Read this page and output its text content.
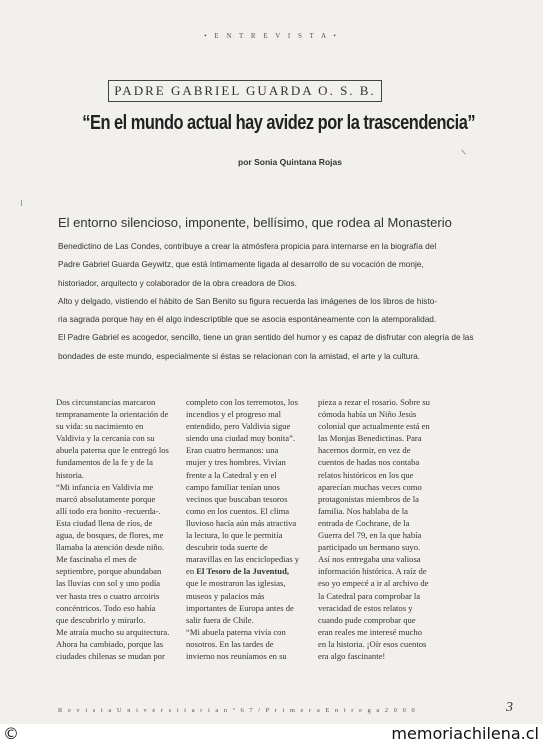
• E N T R E V I S T A •
PADRE GABRIEL GUARDA O. S. B.
“En el mundo actual hay avidez por la trascendencia”
por Sonia Quintana Rojas
El entorno silencioso, imponente, bellísimo, que rodea al Monasterio
Benedictino de Las Condes, contribuye a crear la atmósfera propicia para internarse en la biografía del
Padre Gabriel Guarda Geywitz, que está íntimamente ligada al desarrollo de su vocación de monje,
historiador, arquitecto y colaborador de la obra creadora de Dios.
Alto y delgado, vistiendo el hábito de San Benito su figura recuerda las imágenes de los libros de histo-
ria sagrada porque hay en él algo indescriptible que se asocia espontáneamente con la atemporalidad.
El Padre Gabriel es acogedor, sencillo, tiene un gran sentido del humor y es capaz de disfrutar con alegría de las
bondades de este mundo, especialmente si éstas se relacionan con la amistad, el arte y la cultura.

Dos circunstancias marcaron

tempranamente la orientación de

su vida: su nacimiento en

Valdivia y la cercanía con su

abuela paterna que le entregó los

fundamentos de la fe y de la

historia.

“Mi infancia en Valdivia me

marcó absolutamente porque

allí todo era bonito -recuerda-.

Esta ciudad llena de ríos, de

agua, de bosques, de flores, me

llamaba la atención desde niño.

Me fascinaba el mes de

septiembre, porque abundaban

las lluvias con sol y uno podía

ver hasta tres o cuatro arcoiris

concéntricos. Todo eso había

que descubrirlo y mirarlo.

Me atraía mucho su arquitectura.

Ahora ha cambiado, porque las

ciudades chilenas se mudan por

completo con los terremotos, los

incendios y el progreso mal

entendido, pero Valdivia sigue

siendo una ciudad muy bonita”.

Eran cuatro hermanos: una

mujer y tres hombres. Vivían

frente a la Catedral y en el

campo familiar tenían unos

vecinos que buscaban tesoros

como en los cuentos. El clima

lluvioso hacía aún más atractiva

la lectura, lo que le permitía

descubrir toda suerte de

maravillas en las enciclopedias y

en El Tesoro de la Juventud,

que le mostraron las iglesias,

museos y palacios más

importantes de Europa antes de

salir fuera de Chile.

“Mi abuela paterna vivía con

nosotros. En las tardes de

invierno nos reuníamos en su

pieza a rezar el rosario. Sobre su

cómoda había un Niño Jesús

colonial que actualmente está en

las Monjas Benedictinas. Para

hacernos dormir, en vez de

cuentos de hadas nos contaba

relatos históricos en los que

aparecían muchas veces como

protagonistas miembros de la

familia. Nos hablaba de la

entrada de Cochrane, de la

Guerra del 79, en la que había

participado un hermano suyo.

Así nos entregaba una valiosa

información histórica. A raíz de

eso yo empecé a ir al archivo de

la Catedral para comprobar la

veracidad de estos relatos y

cuando pude comprobar que

eran reales me interesé mucho

en la historia. ¡Oír esos cuentos

era algo fascinante!

R e v i s t a U n i v e r s i t a r i a n º 6 7 / P r i m e r a E n t r e g a 2 0 0 0	3
©	memoriachilena.cl
